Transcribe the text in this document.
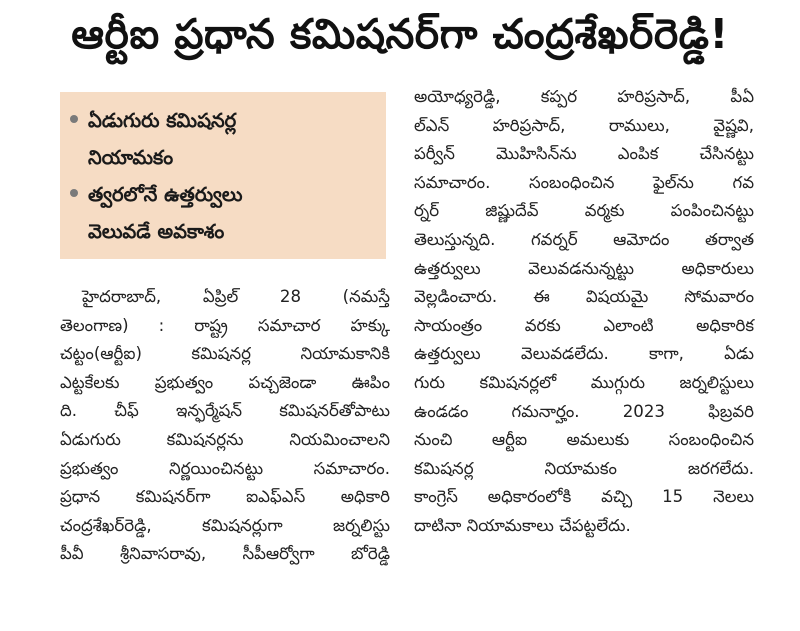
ఆర్టీఐ ప్రధాన కమిషనర్‌గా చంద్రశేఖర్‌రెడ్డి!
ఏడుగురు కమిషనర్ల
నియామకం
త్వరలోనే ఉత్తర్వులు
వెలువడే అవకాశం
హైదరాబాద్‌, ఏప్రిల్‌ 28 (నమస్తే
తెలంగాణ) : రాష్ట్ర సమాచార హక్కు
చట్టం(ఆర్టీఐ) కమిషనర్ల నియామకానికి
ఎట్టకేలకు ప్రభుత్వం పచ్చజెండా ఊపిం
ది. చీఫ్‌ ఇన్ఫర్మేషన్‌ కమిషనర్‌తోపాటు
ఏడుగురు కమిషనర్లను నియమించాలని
ప్రభుత్వం నిర్ణయించినట్టు సమాచారం.
ప్రధాన కమిషనర్‌గా ఐఎఫ్‌ఎస్‌ అధికారి
చంద్రశేఖర్‌రెడ్డి, కమిషనర్లుగా జర్నలిస్టు
పీవీ శ్రీనివాసరావు, సీపీఆర్వోగా బోరెడ్డి
అయోధ్యరెడ్డి, కప్పర హరిప్రసాద్‌, పీఏ
ల్‌ఎన్‌ హరిప్రసాద్‌, రాములు, వైష్ణవి,
పర్వీన్‌ మొహిసిన్‌ను ఎంపిక చేసినట్టు
సమాచారం. సంబంధించిన ఫైల్‌ను గవ
ర్నర్‌ జిష్ణుదేవ్‌ వర్మకు పంపించినట్టు
తెలుస్తున్నది. గవర్నర్‌ ఆమోదం తర్వాత
ఉత్తర్వులు వెలువడనున్నట్టు అధికారులు
వెల్లడించారు. ఈ విషయమై సోమవారం
సాయంత్రం వరకు ఎలాంటి అధికారిక
ఉత్తర్వులు వెలువడలేదు. కాగా, ఏడు
గురు కమిషనర్లలో ముగ్గురు జర్నలిస్టులు
ఉండడం గమనార్హం. 2023 ఫిబ్రవరి
నుంచి ఆర్టీఐ అమలుకు సంబంధించిన
కమిషనర్ల నియామకం జరగలేదు.
కాంగ్రెస్‌ అధికారంలోకి వచ్చి 15 నెలలు
దాటినా నియామకాలు చేపట్టలేదు.
